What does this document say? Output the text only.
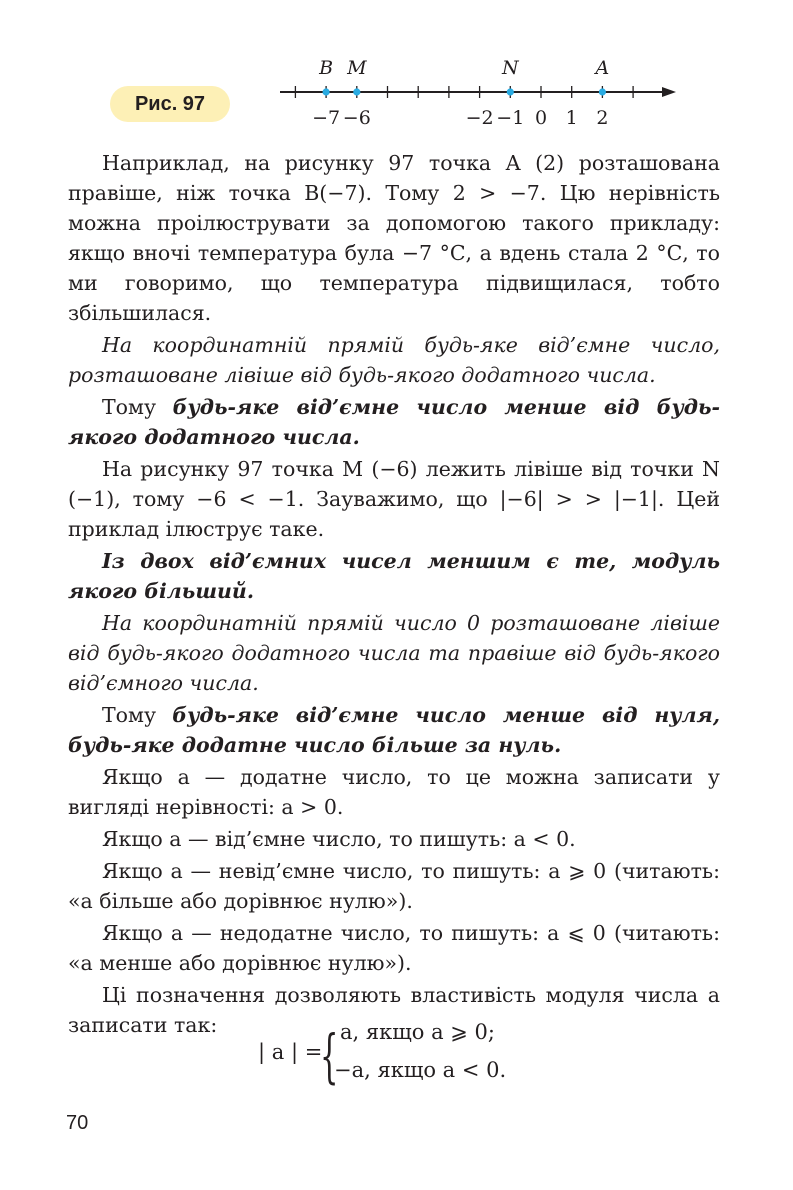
Рис. 97
B M	N	A
−7 −6	−2 −1 0 1 2

Наприклад, на рисунку 97 точка A (2) розташована правіше, ніж точка B(−7). Тому 2 > −7. Цю нерівність можна проілюструвати за допомогою такого прикладу: якщо вночі температура була −7 °С, а вдень стала 2 °С, то ми говоримо, що температура підвищилася, тобто збільшилася.

На координатній прямій будь-яке від’ємне число, розташоване лівіше від будь-якого додатного числа.

Тому будь-яке від’ємне число менше від будь-якого додатного числа.

На рисунку 97 точка M (−6) лежить лівіше від точки N (−1), тому −6 < −1. Зауважимо, що |−6| > > |−1|. Цей приклад ілюструє таке.

Із двох від’ємних чисел меншим є те, модуль якого більший.

На координатній прямій число 0 розташоване лівіше від будь-якого додатного числа та правіше від будь-якого від’ємного числа.

Тому будь-яке від’ємне число менше від нуля, будь-яке додатне число більше за нуль.

Якщо a — додатне число, то це можна записати у вигляді нерівності: a > 0.

Якщо a — від’ємне число, то пишуть: a < 0.

Якщо a — невід’ємне число, то пишуть: a ⩾ 0 (читають: «a більше або дорівнює нулю»).

Якщо a — недодатне число, то пишуть: a ⩽ 0 (читають: «a менше або дорівнює нулю»).

Ці позначення дозволяють властивість модуля числа a записати так:

| a | =
{ a, якщо a ⩾ 0;
−a, якщо a < 0.
70
